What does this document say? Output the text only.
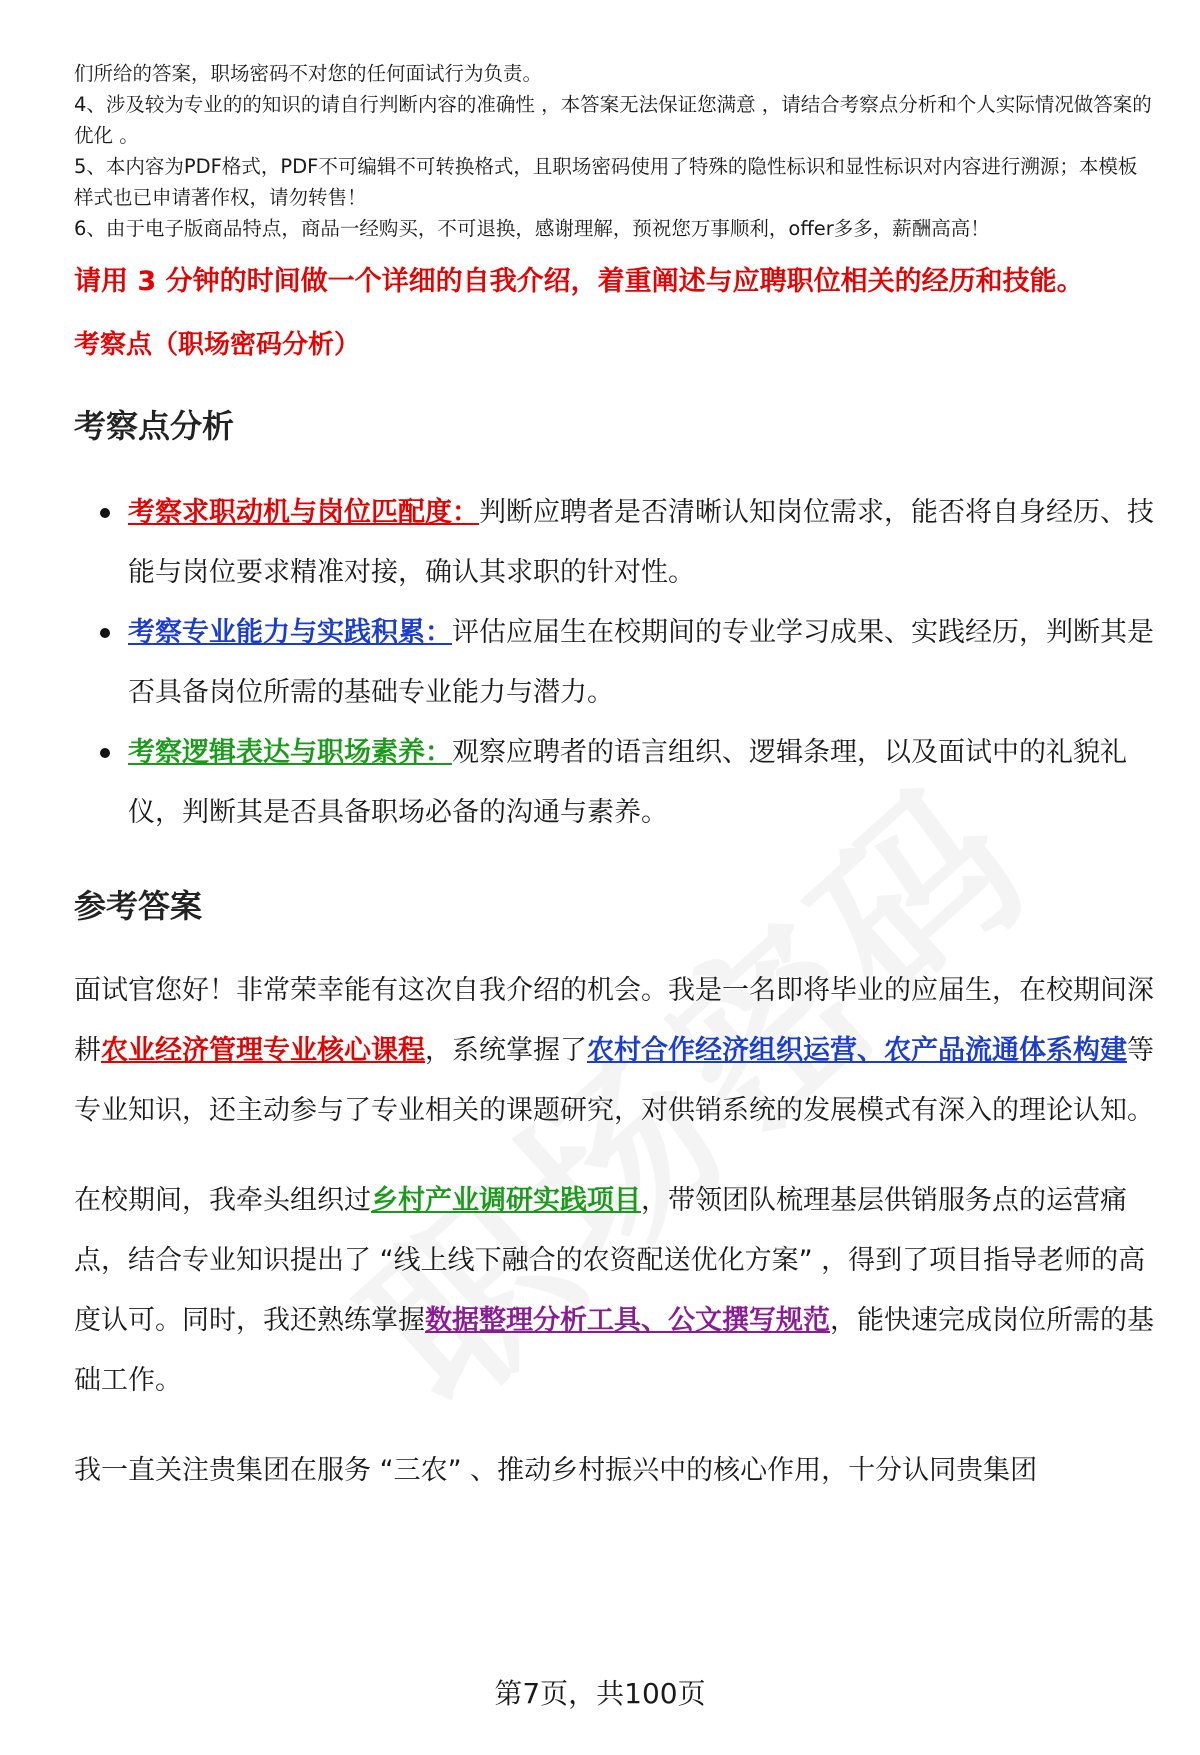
们所给的答案，职场密码不对您的任何面试行为负责。

4、涉及较为专业的的知识的请自行判断内容的准确性 ，本答案无法保证您满意 ，请结合考察点分析和个人实际情况做答案的优化 。

5、本内容为PDF格式，PDF不可编辑不可转换格式，且职场密码使用了特殊的隐性标识和显性标识对内容进行溯源；本模板样式也已申请著作权，请勿转售！

6、由于电子版商品特点，商品一经购买，不可退换，感谢理解，预祝您万事顺利，offer多多，薪酬高高！

请用 3 分钟的时间做一个详细的自我介绍，着重阐述与应聘职位相关的经历和技能。
考察点（职场密码分析）
考察点分析
考察求职动机与岗位匹配度：判断应聘者是否清晰认知岗位需求，能否将自身经历、技能与岗位要求精准对接，确认其求职的针对性。
考察专业能力与实践积累：评估应届生在校期间的专业学习成果、实践经历，判断其是否具备岗位所需的基础专业能力与潜力。
考察逻辑表达与职场素养：观察应聘者的语言组织、逻辑条理，以及面试中的礼貌礼仪，判断其是否具备职场必备的沟通与素养。
参考答案

面试官您好！非常荣幸能有这次自我介绍的机会。我是一名即将毕业的应届生，在校期间深耕农业经济管理专业核心课程，系统掌握了农村合作经济组织运营、农产品流通体系构建等专业知识，还主动参与了专业相关的课题研究，对供销系统的发展模式有深入的理论认知。

在校期间，我牵头组织过乡村产业调研实践项目，带领团队梳理基层供销服务点的运营痛点，结合专业知识提出了 “线上线下融合的农资配送优化方案” ，得到了项目指导老师的高度认可。同时，我还熟练掌握数据整理分析工具、公文撰写规范，能快速完成岗位所需的基础工作。

我一直关注贵集团在服务 “三农” 、推动乡村振兴中的核心作用，十分认同贵集团

第7页，共100页
